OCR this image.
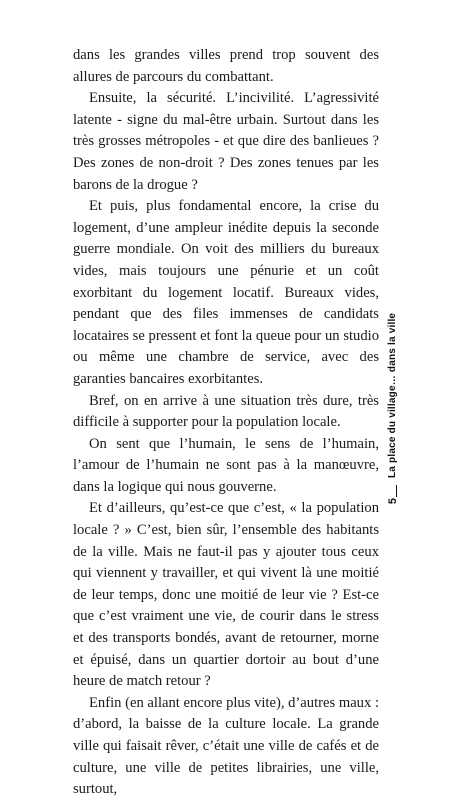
dans les grandes villes prend trop souvent des allures de parcours du combattant.

Ensuite, la sécurité. L’incivilité. L’agressivité latente - signe du mal-être urbain. Surtout dans les très grosses métropoles - et que dire des banlieues ? Des zones de non-droit ? Des zones tenues par les barons de la drogue ?

Et puis, plus fondamental encore, la crise du logement, d’une ampleur inédite depuis la seconde guerre mondiale. On voit des milliers du bureaux vides, mais toujours une pénurie et un coût exorbitant du logement locatif. Bureaux vides, pendant que des files immenses de candidats locataires se pressent et font la queue pour un studio ou même une chambre de service, avec des garanties bancaires exorbitantes.

Bref, on en arrive à une situation très dure, très difficile à supporter pour la population locale.

On sent que l’humain, le sens de l’humain, l’amour de l’humain ne sont pas à la manœuvre, dans la logique qui nous gouverne.

Et d’ailleurs, qu’est-ce que c’est, « la population locale ? » C’est, bien sûr, l’ensemble des habitants de la ville. Mais ne faut-il pas y ajouter tous ceux qui viennent y travailler, et qui vivent là une moitié de leur temps, donc une moitié de leur vie ? Est-ce que c’est vraiment une vie, de courir dans le stress et des transports bondés, avant de retourner, morne et épuisé, dans un quartier dortoir au bout d’une heure de match retour ?

Enfin (en allant encore plus vite), d’autres maux : d’abord, la baisse de la culture locale. La grande ville qui faisait rêver, c’était une ville de cafés et de culture, une ville de petites librairies, une ville, surtout,

La place du village… dans la ville
5
